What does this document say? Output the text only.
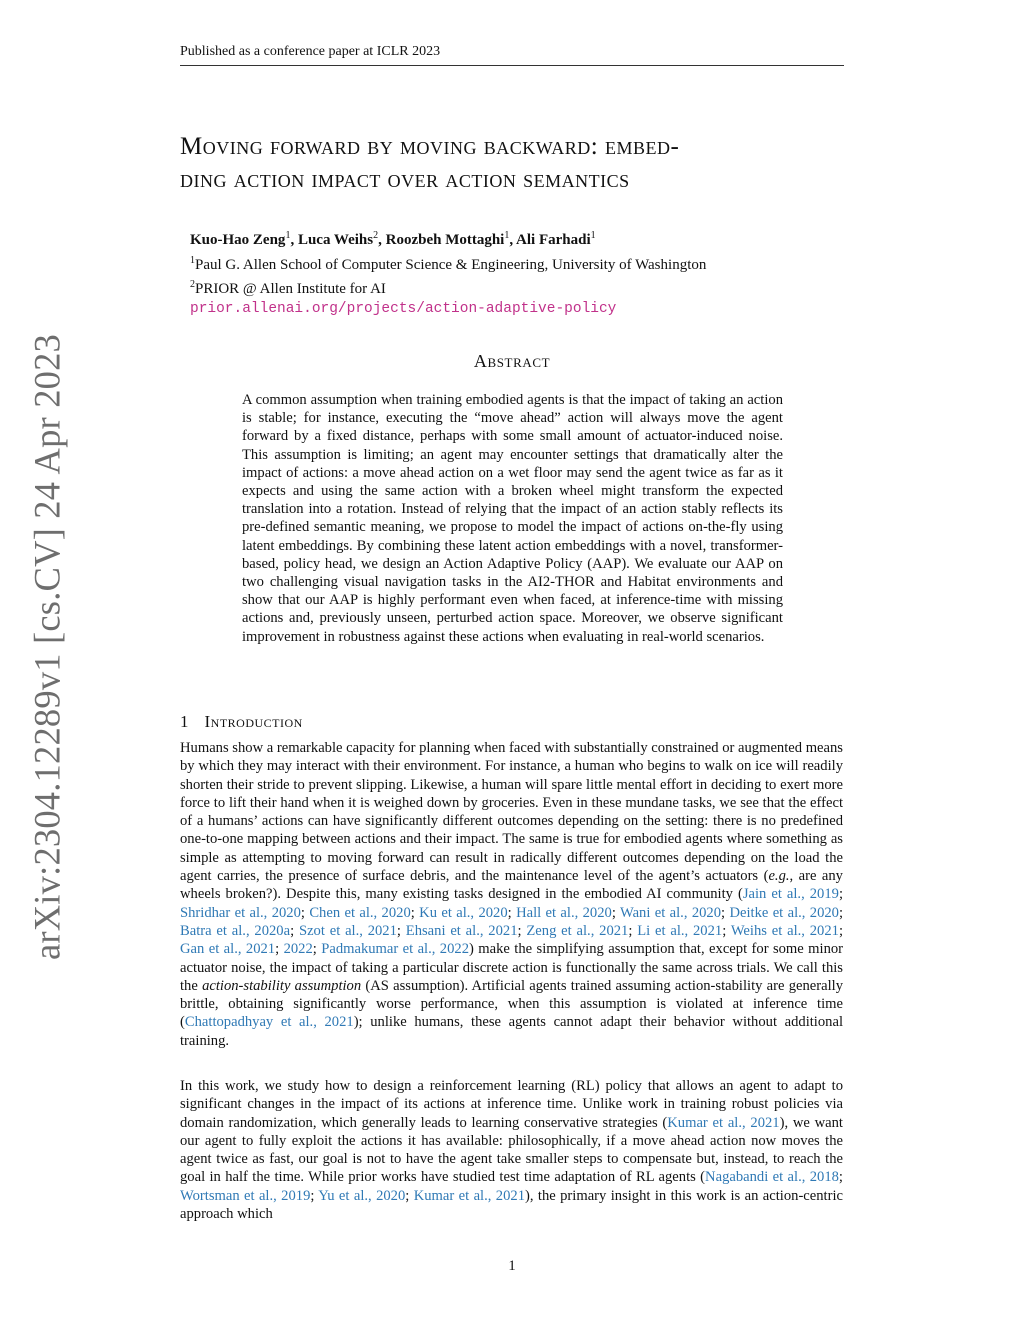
Published as a conference paper at ICLR 2023
arXiv:2304.12289v1 [cs.CV] 24 Apr 2023
Moving forward by moving backward: embed-
ding action impact over action semantics
Kuo-Hao Zeng$^1$, Luca Weihs$^2$, Roozbeh Mottaghi$^1$, Ali Farhadi$^1$
$^1$Paul G. Allen School of Computer Science & Engineering, University of Washington
$^2$PRIOR @ Allen Institute for AI
prior.allenai.org/projects/action-adaptive-policy
Abstract
A common assumption when training embodied agents is that the impact of taking an action is stable; for instance, executing the “move ahead” action will always move the agent forward by a fixed distance, perhaps with some small amount of actuator-induced noise. This assumption is limiting; an agent may encounter settings that dramatically alter the impact of actions: a move ahead action on a wet floor may send the agent twice as far as it expects and using the same action with a broken wheel might transform the expected translation into a rotation. Instead of relying that the impact of an action stably reflects its pre-defined semantic meaning, we propose to model the impact of actions on-the-fly using latent embeddings. By combining these latent action embeddings with a novel, transformer-based, policy head, we design an Action Adaptive Policy (AAP). We evaluate our AAP on two challenging visual navigation tasks in the AI2-THOR and Habitat environments and show that our AAP is highly performant even when faced, at inference-time with missing actions and, previously unseen, perturbed action space. Moreover, we observe significant improvement in robustness against these actions when evaluating in real-world scenarios.
1 Introduction
Humans show a remarkable capacity for planning when faced with substantially constrained or augmented means by which they may interact with their environment. For instance, a human who begins to walk on ice will readily shorten their stride to prevent slipping. Likewise, a human will spare little mental effort in deciding to exert more force to lift their hand when it is weighed down by groceries. Even in these mundane tasks, we see that the effect of a humans’ actions can have significantly different outcomes depending on the setting: there is no predefined one-to-one mapping between actions and their impact. The same is true for embodied agents where something as simple as attempting to moving forward can result in radically different outcomes depending on the load the agent carries, the presence of surface debris, and the maintenance level of the agent’s actuators (e.g., are any wheels broken?). Despite this, many existing tasks designed in the embodied AI community (Jain et al., 2019; Shridhar et al., 2020; Chen et al., 2020; Ku et al., 2020; Hall et al., 2020; Wani et al., 2020; Deitke et al., 2020; Batra et al., 2020a; Szot et al., 2021; Ehsani et al., 2021; Zeng et al., 2021; Li et al., 2021; Weihs et al., 2021; Gan et al., 2021; 2022; Padmakumar et al., 2022) make the simplifying assumption that, except for some minor actuator noise, the impact of taking a particular discrete action is functionally the same across trials. We call this the action-stability assumption (AS assumption). Artificial agents trained assuming action-stability are generally brittle, obtaining significantly worse performance, when this assumption is violated at inference time (Chattopadhyay et al., 2021); unlike humans, these agents cannot adapt their behavior without additional training.
In this work, we study how to design a reinforcement learning (RL) policy that allows an agent to adapt to significant changes in the impact of its actions at inference time. Unlike work in training robust policies via domain randomization, which generally leads to learning conservative strategies (Kumar et al., 2021), we want our agent to fully exploit the actions it has available: philosophically, if a move ahead action now moves the agent twice as fast, our goal is not to have the agent take smaller steps to compensate but, instead, to reach the goal in half the time. While prior works have studied test time adaptation of RL agents (Nagabandi et al., 2018; Wortsman et al., 2019; Yu et al., 2020; Kumar et al., 2021), the primary insight in this work is an action-centric approach which
1
